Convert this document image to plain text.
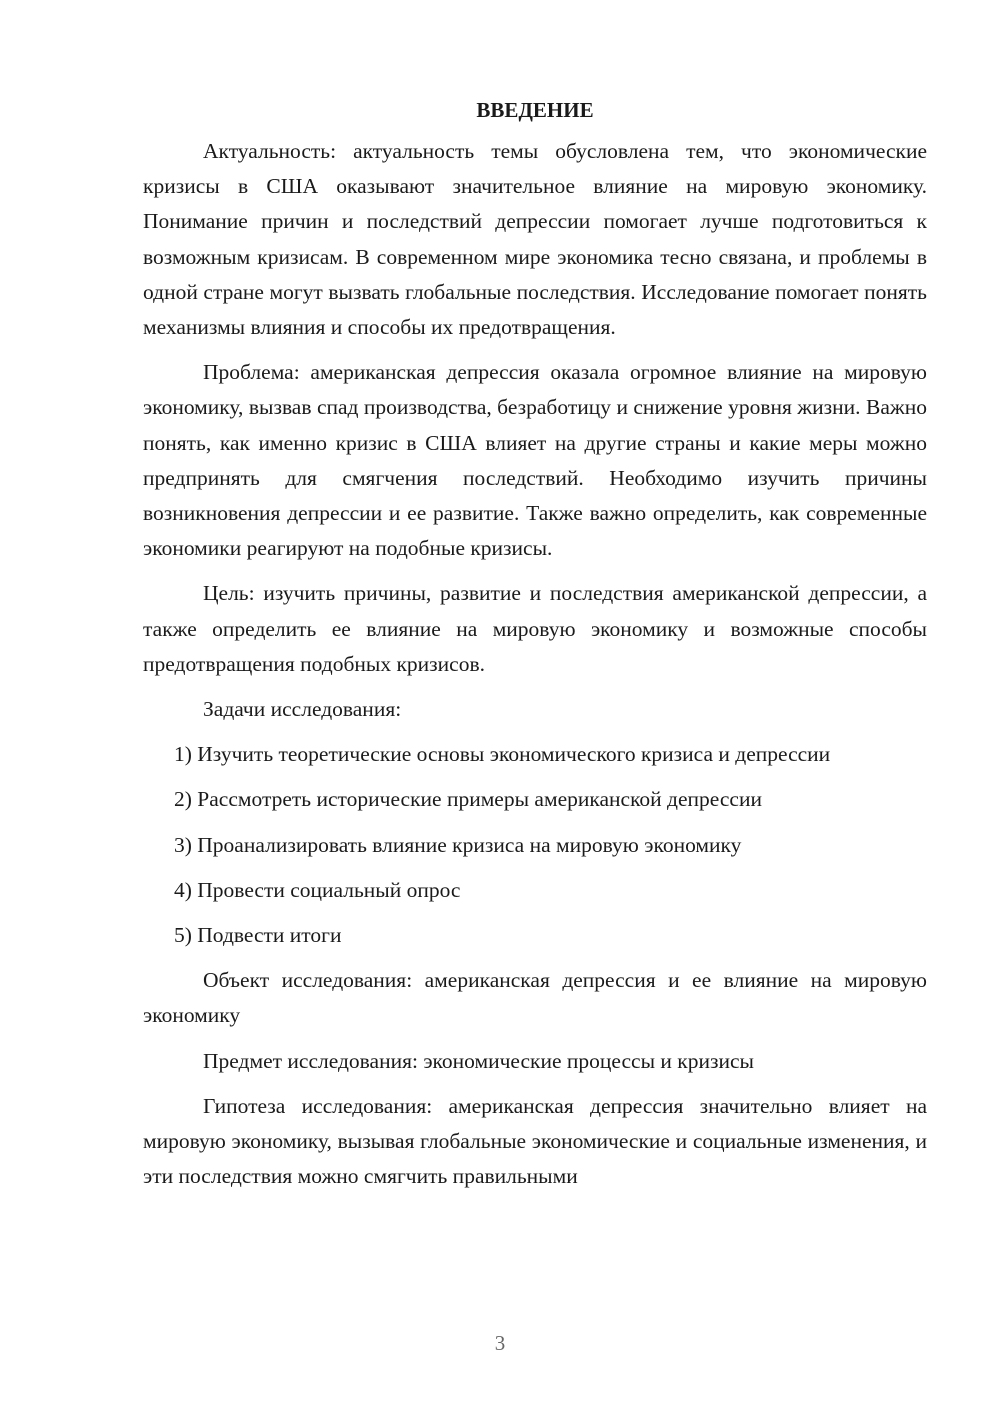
ВВЕДЕНИЕ

Актуальность: актуальность темы обусловлена тем, что экономические кризисы в США оказывают значительное влияние на мировую экономику. Понимание причин и последствий депрессии помогает лучше подготовиться к возможным кризисам. В современном мире экономика тесно связана, и проблемы в одной стране могут вызвать глобальные последствия. Исследование помогает понять механизмы влияния и способы их предотвращения.

Проблема: американская депрессия оказала огромное влияние на мировую экономику, вызвав спад производства, безработицу и снижение уровня жизни. Важно понять, как именно кризис в США влияет на другие страны и какие меры можно предпринять для смягчения последствий. Необходимо изучить причины возникновения депрессии и ее развитие. Также важно определить, как современные экономики реагируют на подобные кризисы.

Цель: изучить причины, развитие и последствия американской депрессии, а также определить ее влияние на мировую экономику и возможные способы предотвращения подобных кризисов.

Задачи исследования:

1) Изучить теоретические основы экономического кризиса и депрессии

2) Рассмотреть исторические примеры американской депрессии

3) Проанализировать влияние кризиса на мировую экономику

4) Провести социальный опрос

5) Подвести итоги

Объект исследования: американская депрессия и ее влияние на мировую экономику

Предмет исследования: экономические процессы и кризисы

Гипотеза исследования: американская депрессия значительно влияет на мировую экономику, вызывая глобальные экономические и социальные изменения, и эти последствия можно смягчить правильными

3
